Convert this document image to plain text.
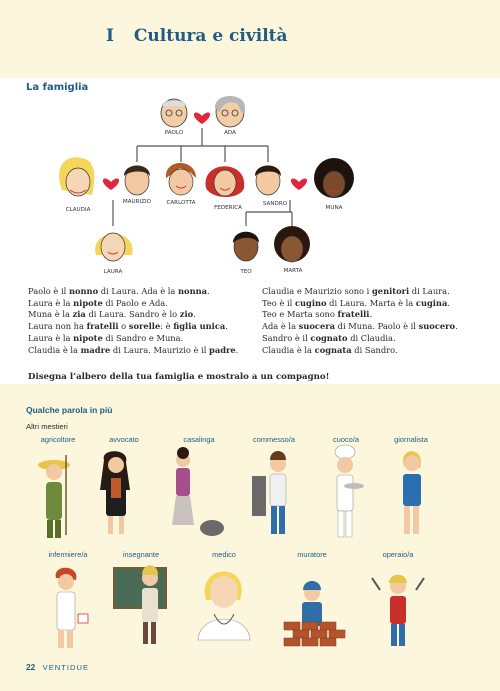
I Cultura e civiltà
La famiglia
PAOLO	ADA
CLAUDIA
MAURIZIO	CARLOTTA
FEDERICA
SANDRO
MUNA
LAURA	TEO	MARTA
Paolo è il nonno di Laura. Ada è la nonna.
Laura è la nipote di Paolo e Ada.
Muna è la zia di Laura. Sandro è lo zio.
Laura non ha fratelli o sorelle: è figlia unica.
Laura è la nipote di Sandro e Muna.
Claudia è la madre di Laura. Maurizio è il padre.
Claudia e Maurizio sono i genitori di Laura.
Teo è il cugino di Laura. Marta è la cugina.
Teo e Marta sono fratelli.
Ada è la suocera di Muna. Paolo è il suocero.
Sandro è il cognato di Claudia.
Claudia è la cognata di Sandro.
Disegna l’albero della tua famiglia e mostralo a un compagno!
Qualche parola in più
Altri mestieri
agricoltore	avvocato	casalinga	commesso/a	cuoco/a	giornalista
infermiere/a	insegnante	medico	muratore	operaio/a
22 VENTIDUE
